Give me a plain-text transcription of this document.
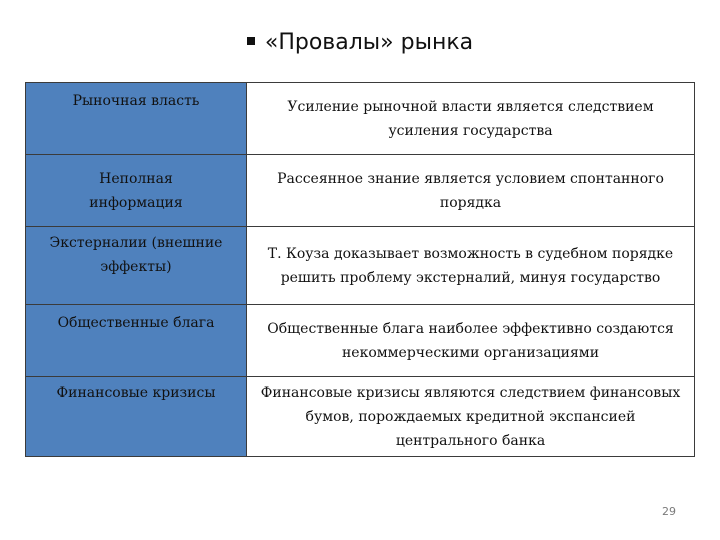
«Провалы» рынка
Рыночная власть	Усиление рыночной власти является следствием усиления государства
Неполная информация	Рассеянное знание является условием спонтанного порядка
Экстерналии (внешние эффекты)	Т. Коуза доказывает возможность в судебном порядке решить проблему экстерналий, минуя государство
Общественные блага	Общественные блага наиболее эффективно создаются некоммерческими организациями
Финансовые кризисы	Финансовые кризисы являются следствием финансовых бумов, порождаемых кредитной экспансией центрального банка
29
